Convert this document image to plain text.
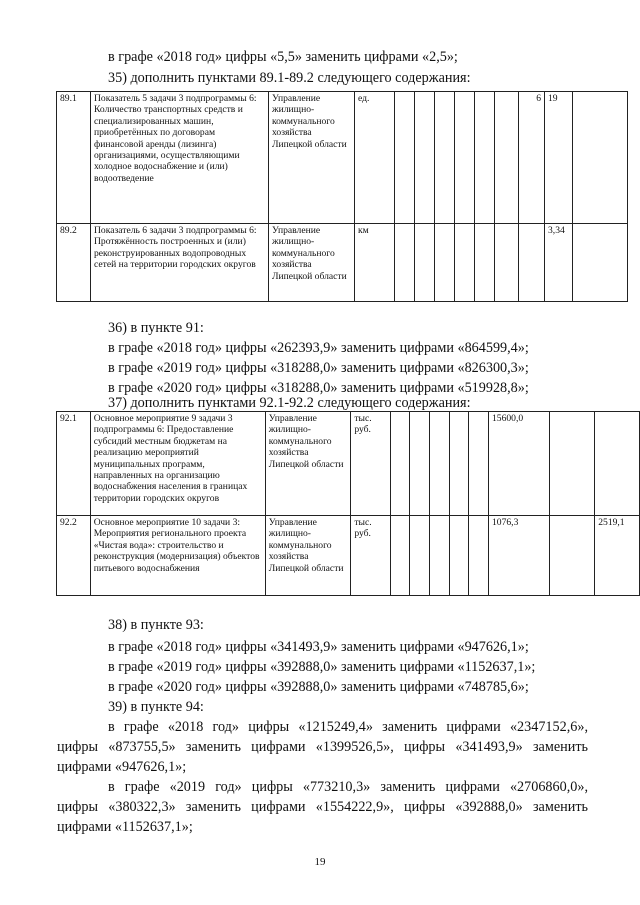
в графе «2018 год» цифры «5,5» заменить цифрами «2,5»;
35) дополнить пунктами 89.1-89.2 следующего содержания:
89.1	Показатель 5 задачи 3 подпрограммы 6: Количество транспортных средств и специализированных машин, приобретённых по договорам финансовой аренды (лизинга) организациями, осуществляющими холодное водоснабжение и (или) водоотведение	Управление жилищно-коммунального хозяйства Липецкой области	ед.							6	19	
89.2	Показатель 6 задачи 3 подпрограммы 6: Протяжённость построенных и (или) реконструированных водопроводных сетей на территории городских округов	Управление жилищно-коммунального хозяйства Липецкой области	км								3,34	
36) в пункте 91:
в графе «2018 год» цифры «262393,9» заменить цифрами «864599,4»;
в графе «2019 год» цифры «318288,0» заменить цифрами «826300,3»;
в графе «2020 год» цифры «318288,0» заменить цифрами «519928,8»;
37) дополнить пунктами 92.1-92.2 следующего содержания:
92.1	Основное мероприятие 9 задачи 3 подпрограммы 6: Предоставление субсидий местным бюджетам на реализацию мероприятий муниципальных программ, направленных на организацию водоснабжения населения в границах территории городских округов	Управление жилищно-коммунального хозяйства Липецкой области	тыс. руб.						15600,0		
92.2	Основное мероприятие 10 задачи 3: Мероприятия регионального проекта «Чистая вода»: строительство и реконструкция (модернизация) объектов питьевого водоснабжения	Управление жилищно-коммунального хозяйства Липецкой области	тыс. руб.						1076,3		2519,1
38) в пункте 93:
в графе «2018 год» цифры «341493,9» заменить цифрами «947626,1»;
в графе «2019 год» цифры «392888,0» заменить цифрами «1152637,1»;
в графе «2020 год» цифры «392888,0» заменить цифрами «748785,6»;
39) в пункте 94:
в графе «2018 год» цифры «1215249,4» заменить цифрами «2347152,6»,
цифры «873755,5» заменить цифрами «1399526,5», цифры «341493,9» заменить
цифрами «947626,1»;
в графе «2019 год» цифры «773210,3» заменить цифрами «2706860,0»,
цифры «380322,3» заменить цифрами «1554222,9», цифры «392888,0» заменить
цифрами «1152637,1»;
19
